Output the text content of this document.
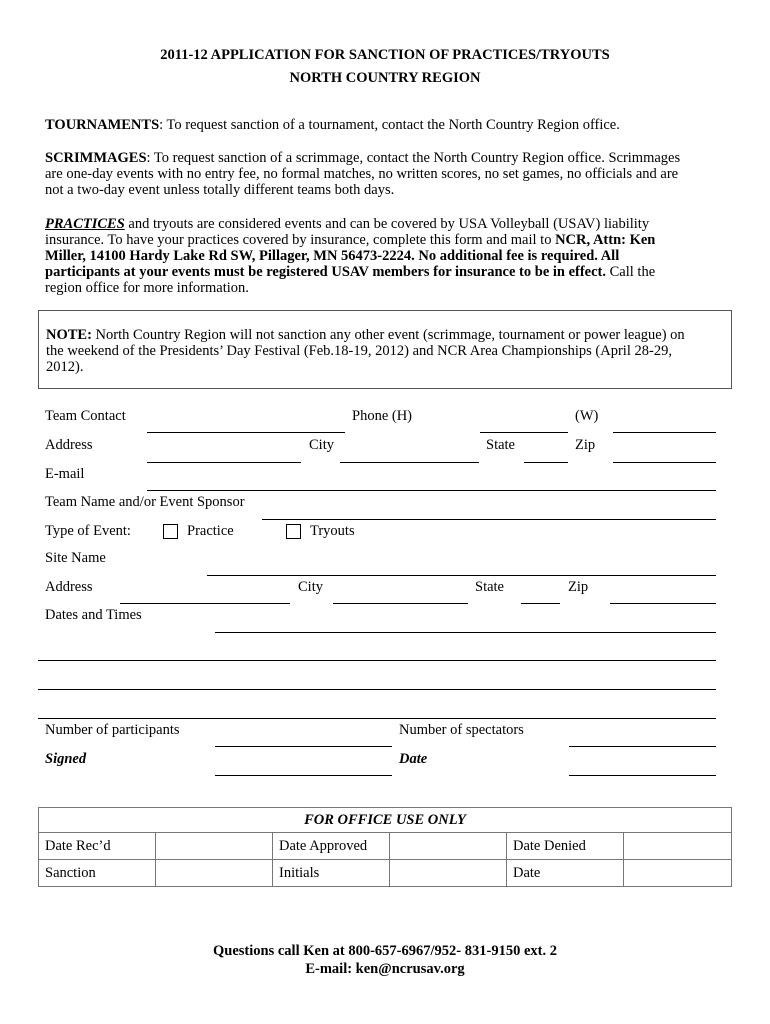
2011-12 APPLICATION FOR SANCTION OF PRACTICES/TRYOUTS
NORTH COUNTRY REGION
TOURNAMENTS: To request sanction of a tournament, contact the North Country Region office.
SCRIMMAGES: To request sanction of a scrimmage, contact the North Country Region office. Scrimmages
are one-day events with no entry fee, no formal matches, no written scores, no set games, no officials and are
not a two-day event unless totally different teams both days.
PRACTICES and tryouts are considered events and can be covered by USA Volleyball (USAV) liability
insurance. To have your practices covered by insurance, complete this form and mail to NCR, Attn: Ken
Miller, 14100 Hardy Lake Rd SW, Pillager, MN 56473-2224. No additional fee is required. All
participants at your events must be registered USAV members for insurance to be in effect. Call the
region office for more information.
NOTE: North Country Region will not sanction any other event (scrimmage, tournament or power league) on
the weekend of the Presidents’ Day Festival (Feb.18-19, 2012) and NCR Area Championships (April 28-29,
2012).
Team Contact	Phone (H)	(W)
Address	City	State	Zip
E-mail
Team Name and/or Event Sponsor
Type of Event:	Practice	Tryouts
Site Name
Address	City	State	Zip
Dates and Times
Number of participants	Number of spectators
Signed	Date
FOR OFFICE USE ONLY					
Date Rec’d		Date Approved		Date Denied	
Sanction		Initials		Date	
Questions call Ken at 800-657-6967/952- 831-9150 ext. 2
E-mail: ken@ncrusav.org
